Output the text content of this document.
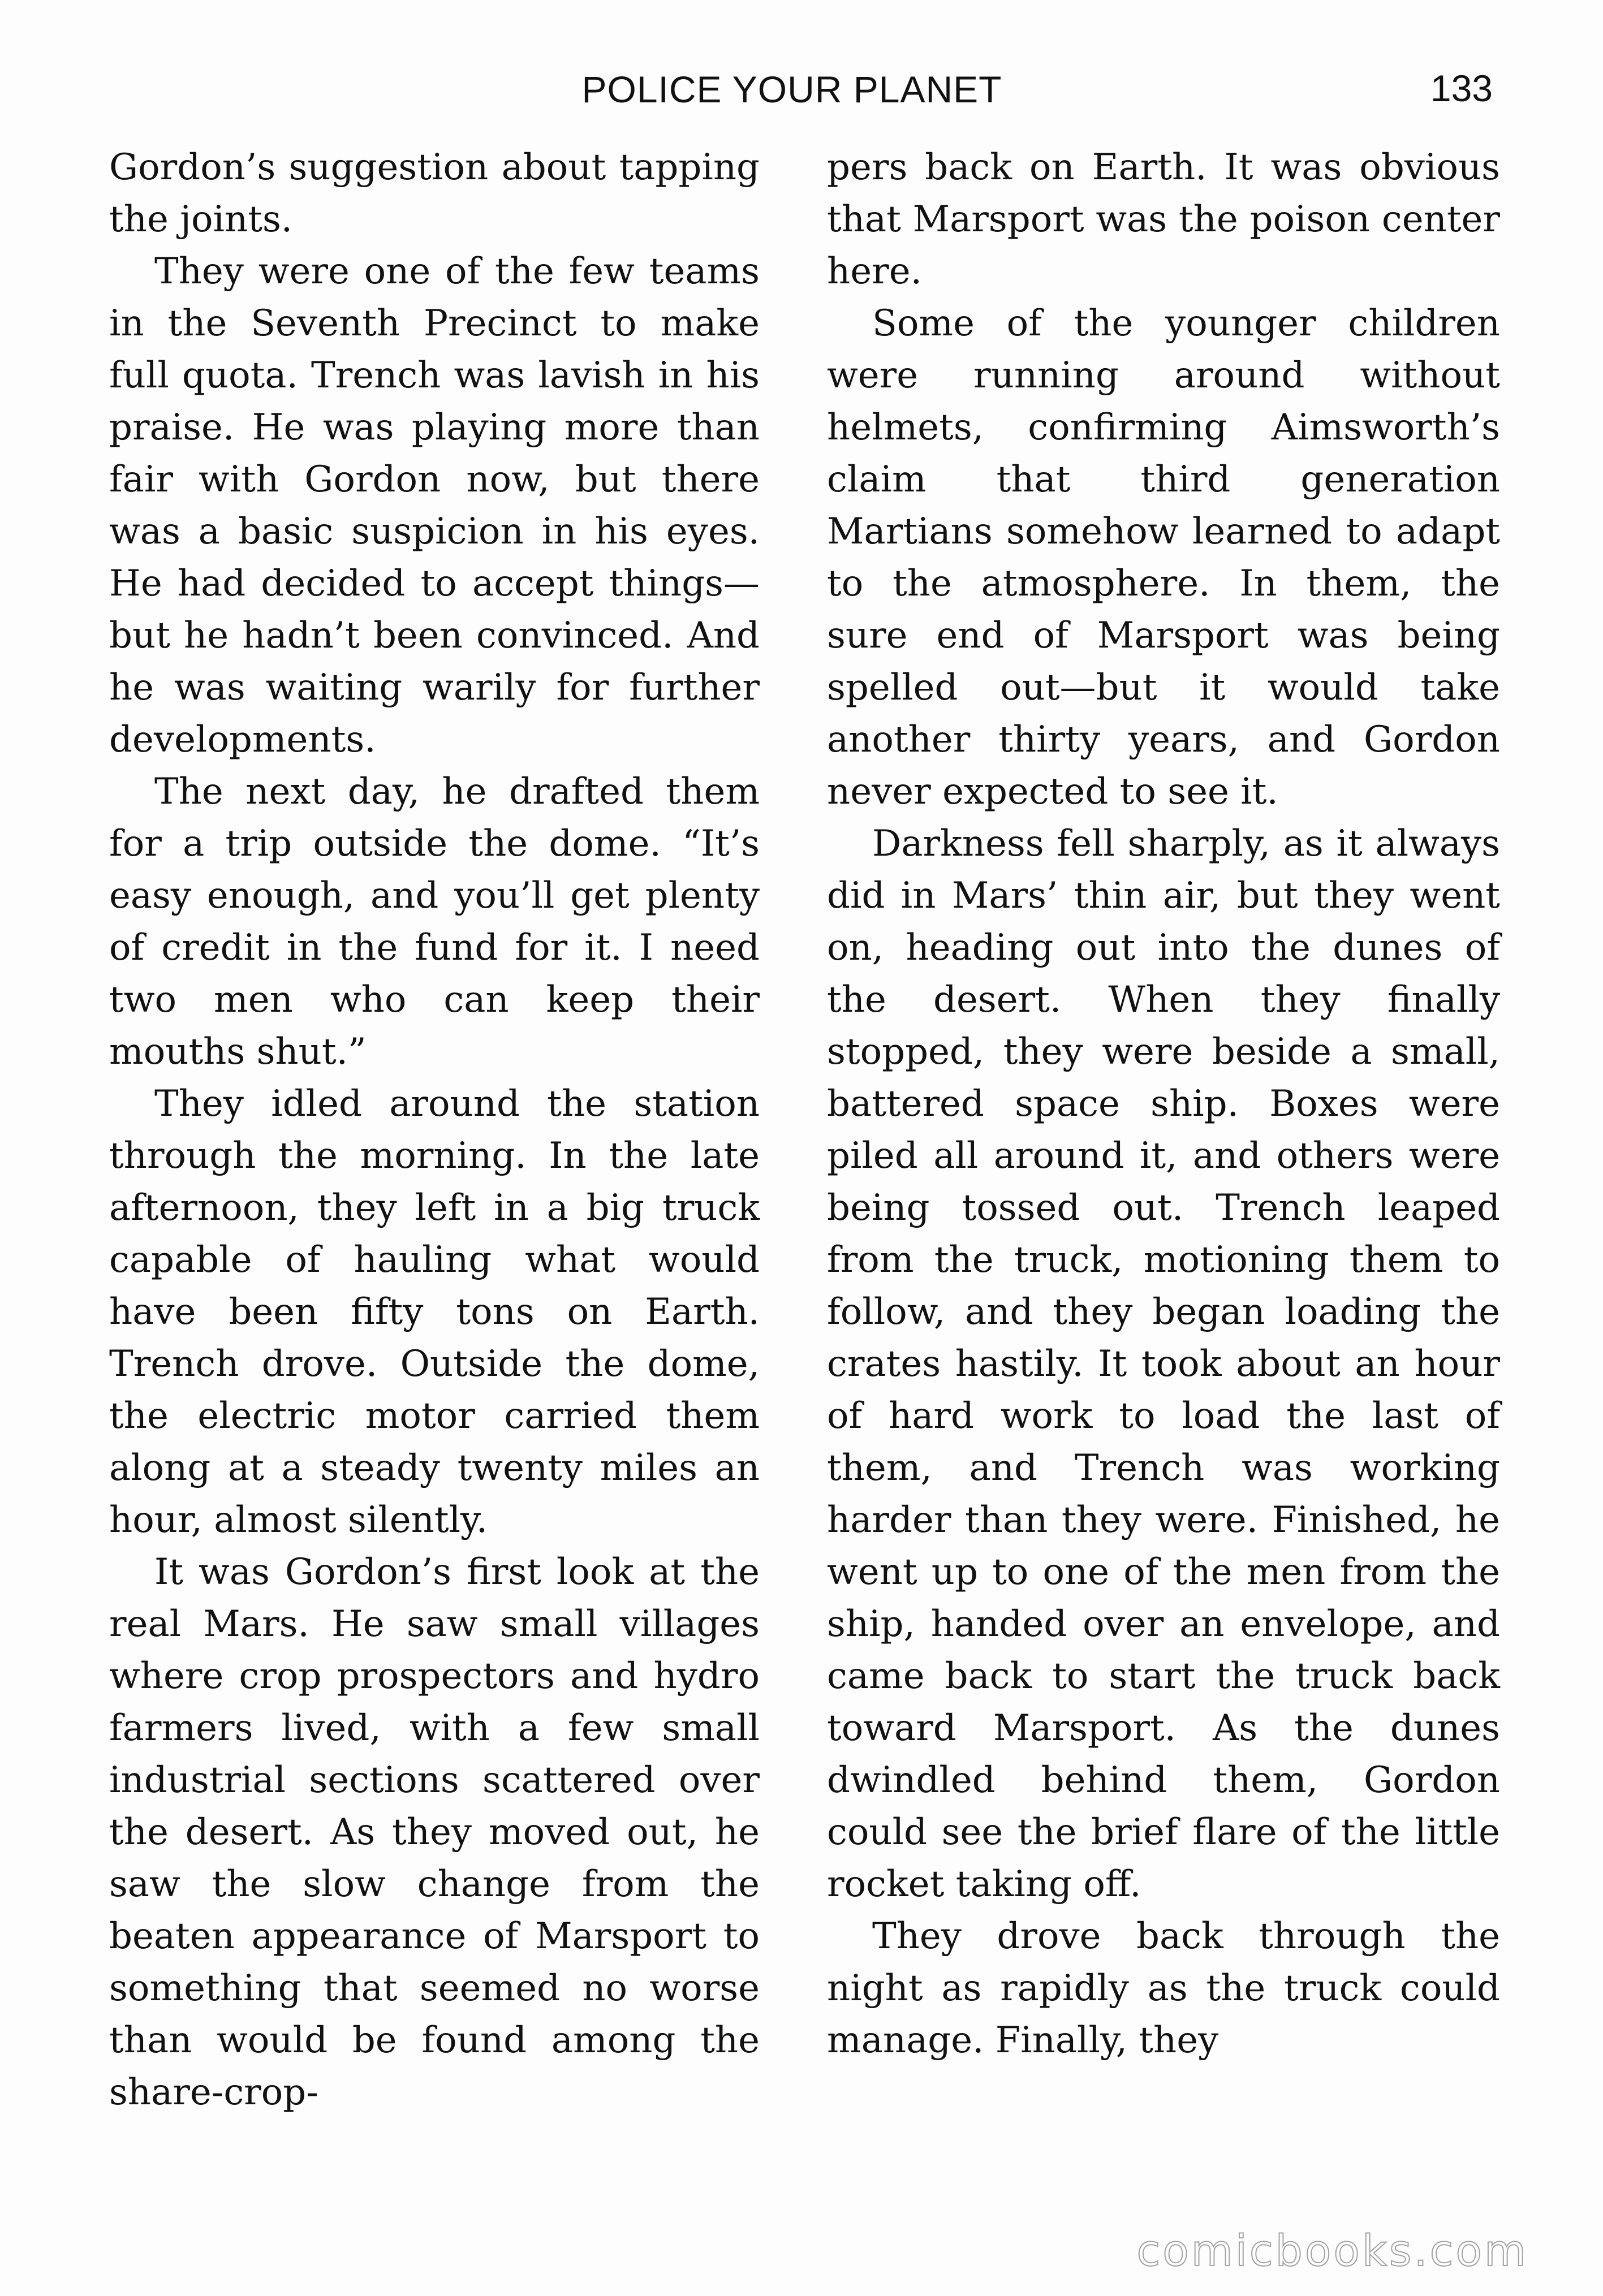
POLICE YOUR PLANET	133

Gordon’s suggestion about tapping the joints.

They were one of the few teams in the Seventh Precinct to make full quota. Trench was lavish in his praise. He was playing more than fair with Gordon now, but there was a basic suspicion in his eyes. He had decided to accept things—but he hadn’t been convinced. And he was waiting warily for further developments.

The next day, he drafted them for a trip outside the dome. “It’s easy enough, and you’ll get plenty of credit in the fund for it. I need two men who can keep their mouths shut.”

They idled around the station through the morning. In the late afternoon, they left in a big truck capable of hauling what would have been fifty tons on Earth. Trench drove. Outside the dome, the electric motor carried them along at a steady twenty miles an hour, almost silently.

It was Gordon’s first look at the real Mars. He saw small villages where crop prospectors and hydro farmers lived, with a few small industrial sections scattered over the desert. As they moved out, he saw the slow change from the beaten appearance of Marsport to something that seemed no worse than would be found among the share-crop-

pers back on Earth. It was obvious that Marsport was the poison center here.

Some of the younger children were running around without helmets, confirming Aimsworth’s claim that third generation Martians somehow learned to adapt to the atmosphere. In them, the sure end of Marsport was being spelled out—but it would take another thirty years, and Gordon never expected to see it.

Darkness fell sharply, as it always did in Mars’ thin air, but they went on, heading out into the dunes of the desert. When they finally stopped, they were beside a small, battered space ship. Boxes were piled all around it, and others were being tossed out. Trench leaped from the truck, motioning them to follow, and they began loading the crates hastily. It took about an hour of hard work to load the last of them, and Trench was working harder than they were. Finished, he went up to one of the men from the ship, handed over an envelope, and came back to start the truck back toward Marsport. As the dunes dwindled behind them, Gordon could see the brief flare of the little rocket taking off.

They drove back through the night as rapidly as the truck could manage. Finally, they

comicbooks.com
